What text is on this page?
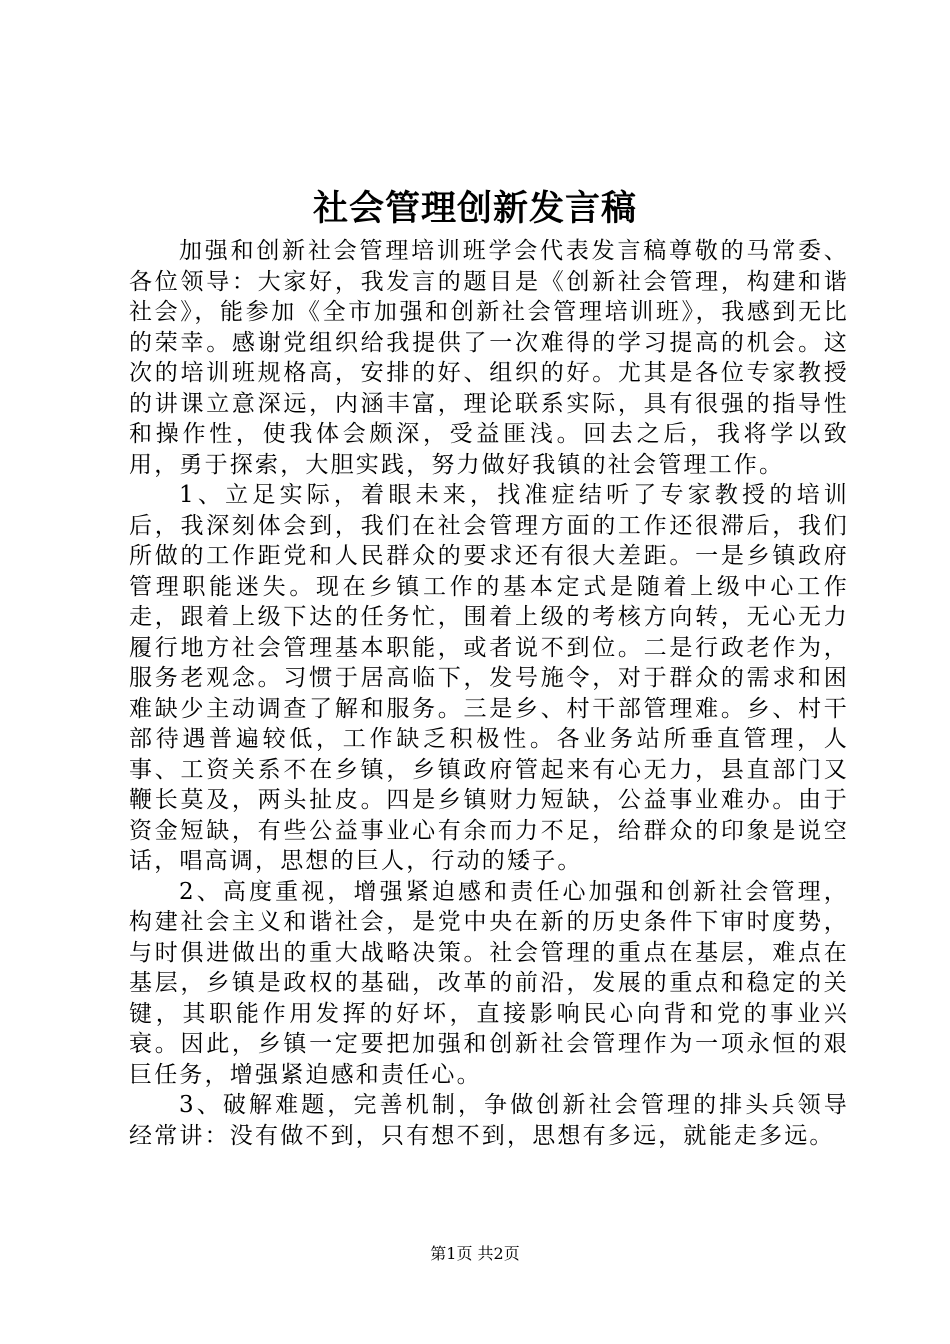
社会管理创新发言稿

加强和创新社会管理培训班学会代表发言稿尊敬的马常委、各位领导：大家好，我发言的题目是《创新社会管理，构建和谐社会》，能参加《全市加强和创新社会管理培训班》，我感到无比的荣幸。感谢党组织给我提供了一次难得的学习提高的机会。这次的培训班规格高，安排的好、组织的好。尤其是各位专家教授的讲课立意深远，内涵丰富，理论联系实际，具有很强的指导性和操作性，使我体会颇深，受益匪浅。回去之后，我将学以致用，勇于探索，大胆实践，努力做好我镇的社会管理工作。

1、立足实际，着眼未来，找准症结听了专家教授的培训后，我深刻体会到，我们在社会管理方面的工作还很滞后，我们所做的工作距党和人民群众的要求还有很大差距。一是乡镇政府管理职能迷失。现在乡镇工作的基本定式是随着上级中心工作走，跟着上级下达的任务忙，围着上级的考核方向转，无心无力履行地方社会管理基本职能，或者说不到位。二是行政老作为，服务老观念。习惯于居高临下，发号施令，对于群众的需求和困难缺少主动调查了解和服务。三是乡、村干部管理难。乡、村干部待遇普遍较低，工作缺乏积极性。各业务站所垂直管理，人事、工资关系不在乡镇，乡镇政府管起来有心无力，县直部门又鞭长莫及，两头扯皮。四是乡镇财力短缺，公益事业难办。由于资金短缺，有些公益事业心有余而力不足，给群众的印象是说空话，唱高调，思想的巨人，行动的矮子。

2、高度重视，增强紧迫感和责任心加强和创新社会管理，构建社会主义和谐社会，是党中央在新的历史条件下审时度势，与时俱进做出的重大战略决策。社会管理的重点在基层，难点在基层，乡镇是政权的基础，改革的前沿，发展的重点和稳定的关键，其职能作用发挥的好坏，直接影响民心向背和党的事业兴衰。因此，乡镇一定要把加强和创新社会管理作为一项永恒的艰巨任务，增强紧迫感和责任心。

3、破解难题，完善机制，争做创新社会管理的排头兵领导经常讲：没有做不到，只有想不到，思想有多远，就能走多远。

第1页 共2页
